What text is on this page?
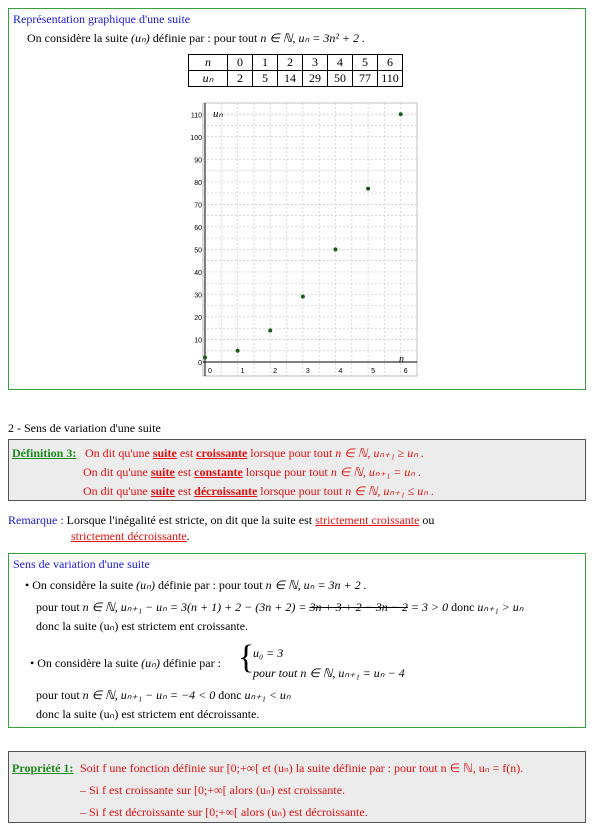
Représentation graphique d'une suite
On considère la suite (uₙ) définie par : pour tout n ∈ ℕ, uₙ = 3n² + 2 .
n	0	1	2	3	4	5	6
uₙ	2	5	14	29	50	77	110
0
10
20
30
40
50
60
70
80
90
100
110
0	1	2	3	4	5	6
uₙ
n
2 - Sens de variation d'une suite
Définition 3: On dit qu'une suite est croissante lorsque pour tout n ∈ ℕ, uₙ₊₁ ≥ uₙ .
On dit qu'une suite est constante lorsque pour tout n ∈ ℕ, uₙ₊₁ = uₙ .
On dit qu'une suite est décroissante lorsque pour tout n ∈ ℕ, uₙ₊₁ ≤ uₙ .
Remarque : Lorsque l'inégalité est stricte, on dit que la suite est strictement croissante ou
strictement décroissante.
Sens de variation d'une suite
• On considère la suite (uₙ) définie par : pour tout n ∈ ℕ, uₙ = 3n + 2 .
pour tout n ∈ ℕ, uₙ₊₁ − uₙ = 3(n + 1) + 2 − (3n + 2) = 3n + 3 + 2 − 3n − 2 = 3 > 0 donc uₙ₊₁ > uₙ
donc la suite (uₙ) est strictem ent croissante.
• On considère la suite (uₙ) définie par : {
u₀ = 3
pour tout n ∈ ℕ, uₙ₊₁ = uₙ − 4
pour tout n ∈ ℕ, uₙ₊₁ − uₙ = −4 < 0 donc uₙ₊₁ < uₙ
donc la suite (uₙ) est strictem ent décroissante.
Propriété 1: Soit f une fonction définie sur [0;+∞[ et (uₙ) la suite définie par : pour tout n ∈ ℕ, uₙ = f(n).
– Si f est croissante sur [0;+∞[ alors (uₙ) est croissante.
– Si f est décroissante sur [0;+∞[ alors (uₙ) est décroissante.
